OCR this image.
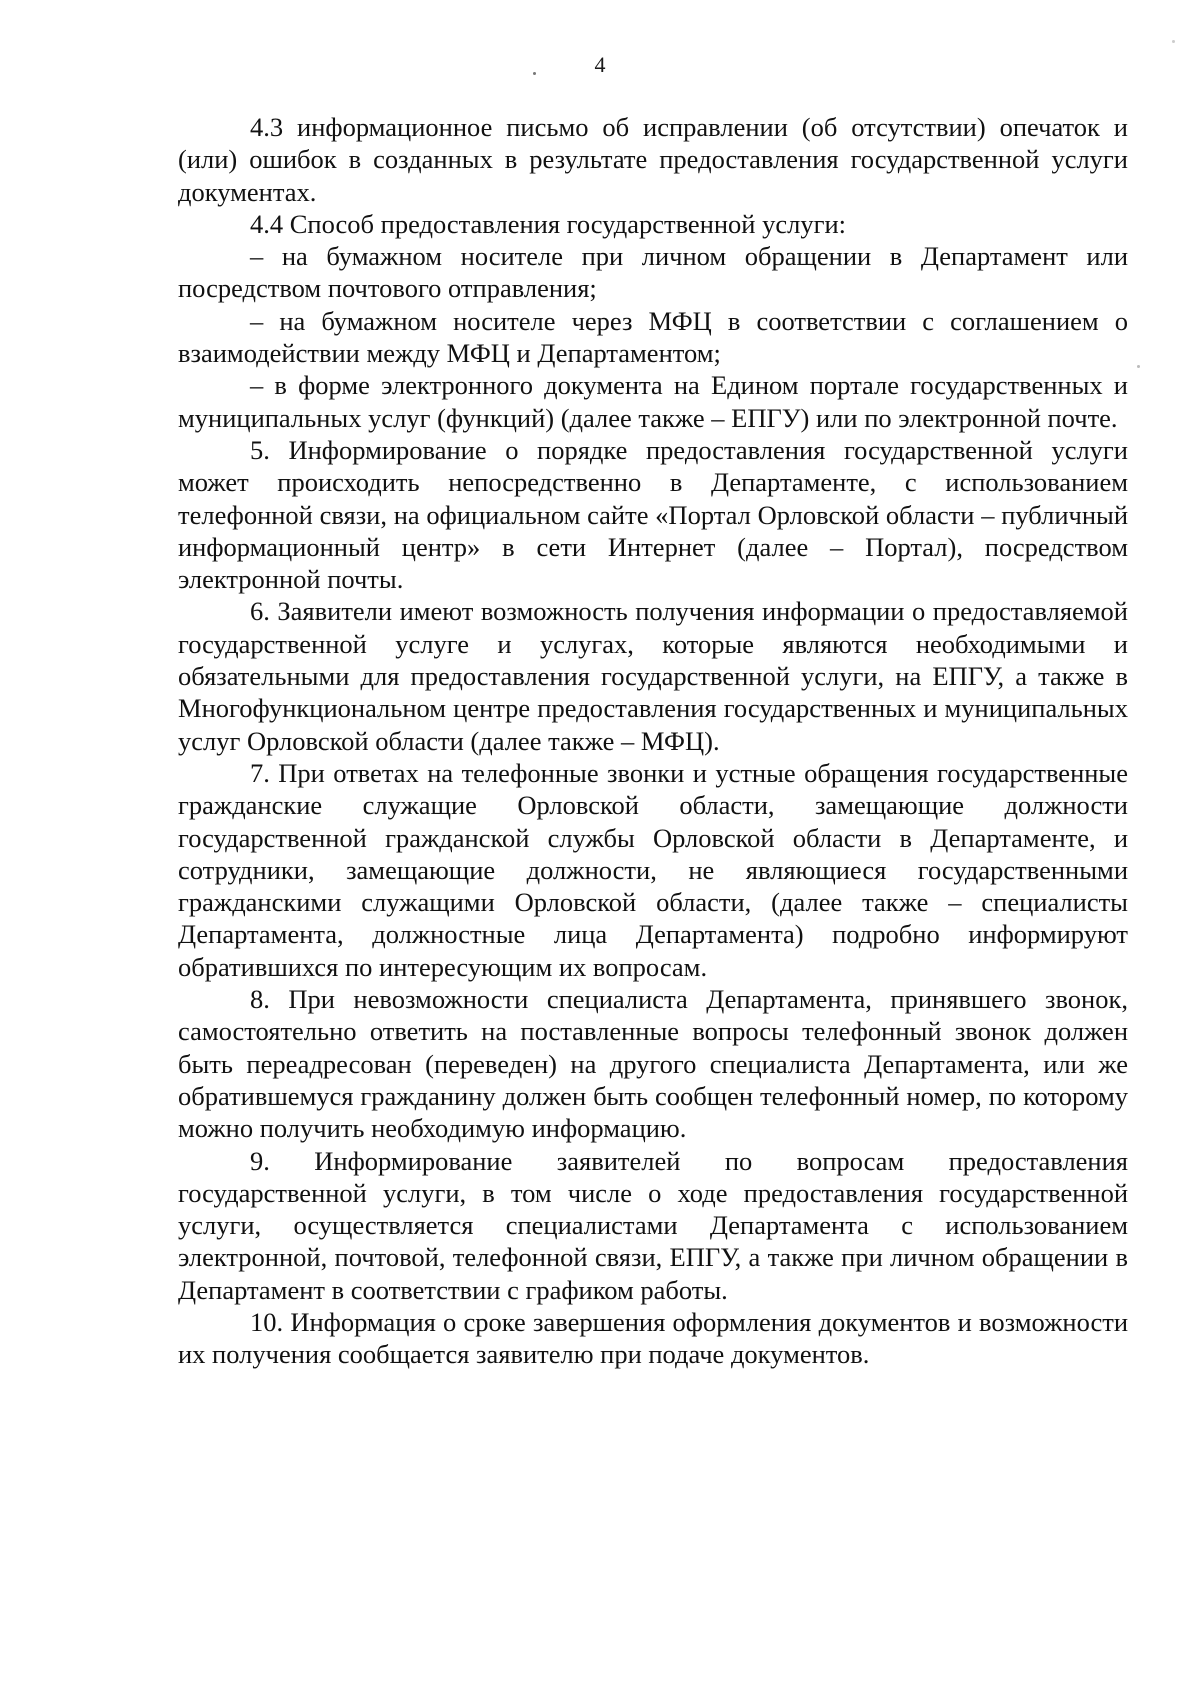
4

4.3 информационное письмо об исправлении (об отсутствии) опечаток и (или) ошибок в созданных в результате предоставления государственной услуги документах.

4.4 Способ предоставления государственной услуги:

– на бумажном носителе при личном обращении в Департамент или посредством почтового отправления;

– на бумажном носителе через МФЦ в соответствии с соглашением о взаимодействии между МФЦ и Департаментом;

– в форме электронного документа на Едином портале государственных и муниципальных услуг (функций) (далее также – ЕПГУ) или по электронной почте.

5. Информирование о порядке предоставления государственной услуги может происходить непосредственно в Департаменте, с использованием телефонной связи, на официальном сайте «Портал Орловской области – публичный информационный центр» в сети Интернет (далее – Портал), посредством электронной почты.

6. Заявители имеют возможность получения информации о предоставляемой государственной услуге и услугах, которые являются необходимыми и обязательными для предоставления государственной услуги, на ЕПГУ, а также в Многофункциональном центре предоставления государственных и муниципальных услуг Орловской области (далее также – МФЦ).

7. При ответах на телефонные звонки и устные обращения государственные гражданские служащие Орловской области, замещающие должности государственной гражданской службы Орловской области в Департаменте, и сотрудники, замещающие должности, не являющиеся государственными гражданскими служащими Орловской области, (далее также – специалисты Департамента, должностные лица Департамента) подробно информируют обратившихся по интересующим их вопросам.

8. При невозможности специалиста Департамента, принявшего звонок, самостоятельно ответить на поставленные вопросы телефонный звонок должен быть переадресован (переведен) на другого специалиста Департамента, или же обратившемуся гражданину должен быть сообщен телефонный номер, по которому можно получить необходимую информацию.

9. Информирование заявителей по вопросам предоставления государственной услуги, в том числе о ходе предоставления государственной услуги, осуществляется специалистами Департамента с использованием электронной, почтовой, телефонной связи, ЕПГУ, а также при личном обращении в Департамент в соответствии с графиком работы.

10. Информация о сроке завершения оформления документов и возможности их получения сообщается заявителю при подаче документов.
